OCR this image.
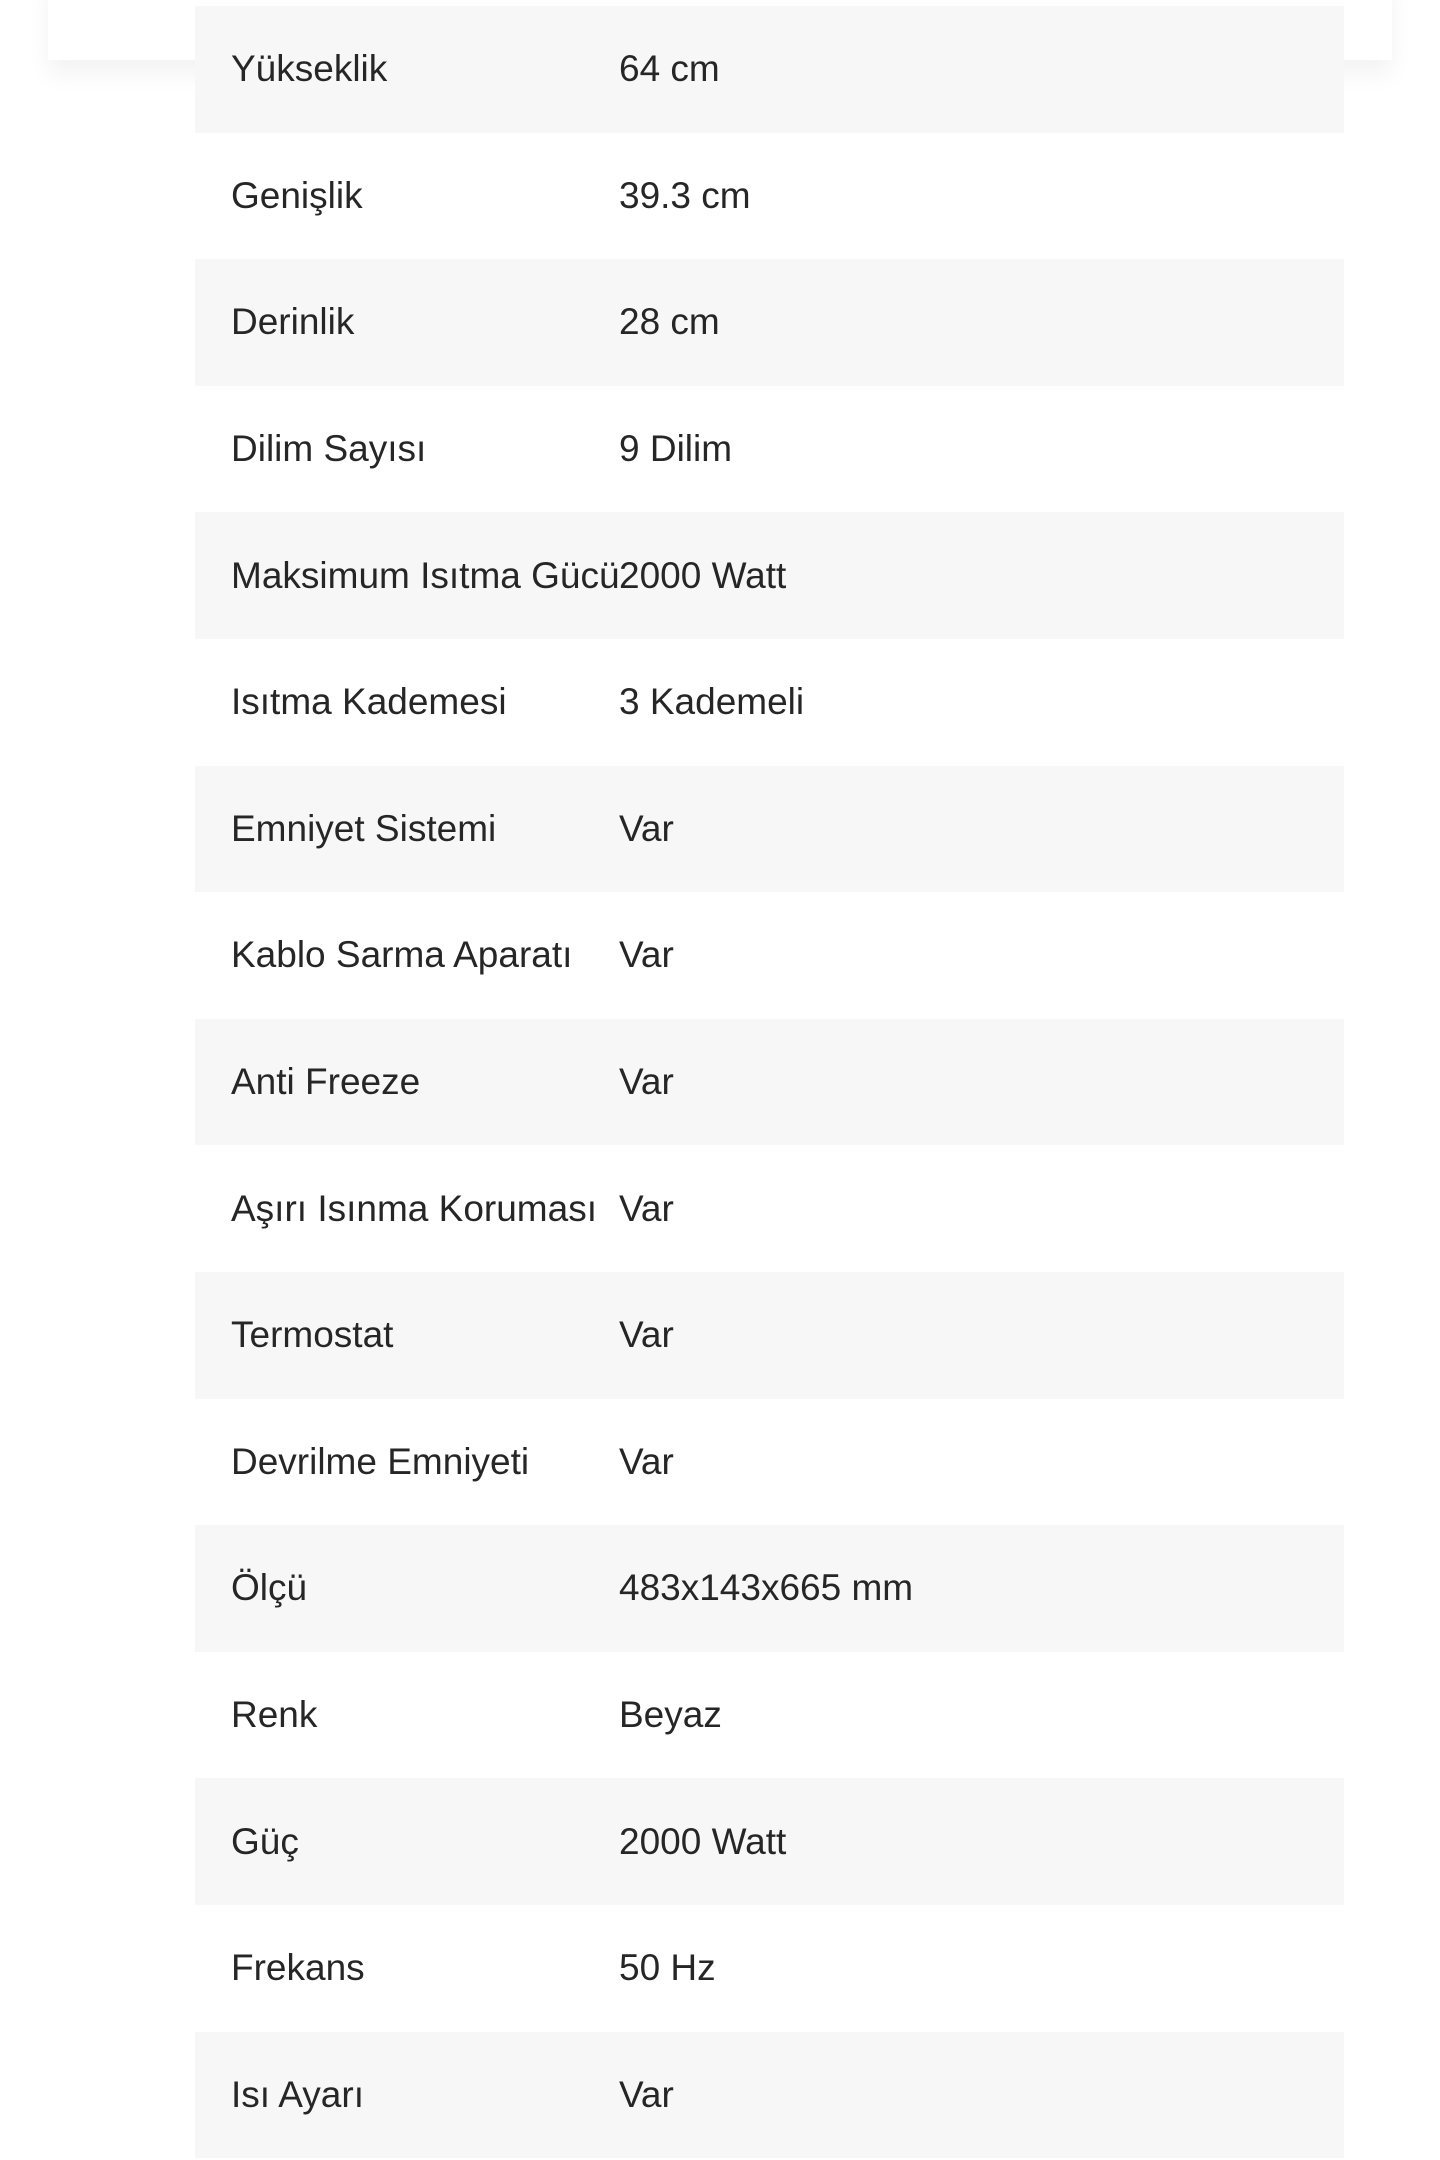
Yükseklik	64 cm
Genişlik	39.3 cm
Derinlik	28 cm
Dilim Sayısı	9 Dilim
Maksimum Isıtma Gücü 2000 Watt
Isıtma Kademesi	3 Kademeli
Emniyet Sistemi	Var
Kablo Sarma Aparatı	Var
Anti Freeze	Var
Aşırı Isınma Koruması Var
Termostat	Var
Devrilme Emniyeti	Var
Ölçü	483x143x665 mm
Renk	Beyaz
Güç	2000 Watt
Frekans	50 Hz
Isı Ayarı	Var
